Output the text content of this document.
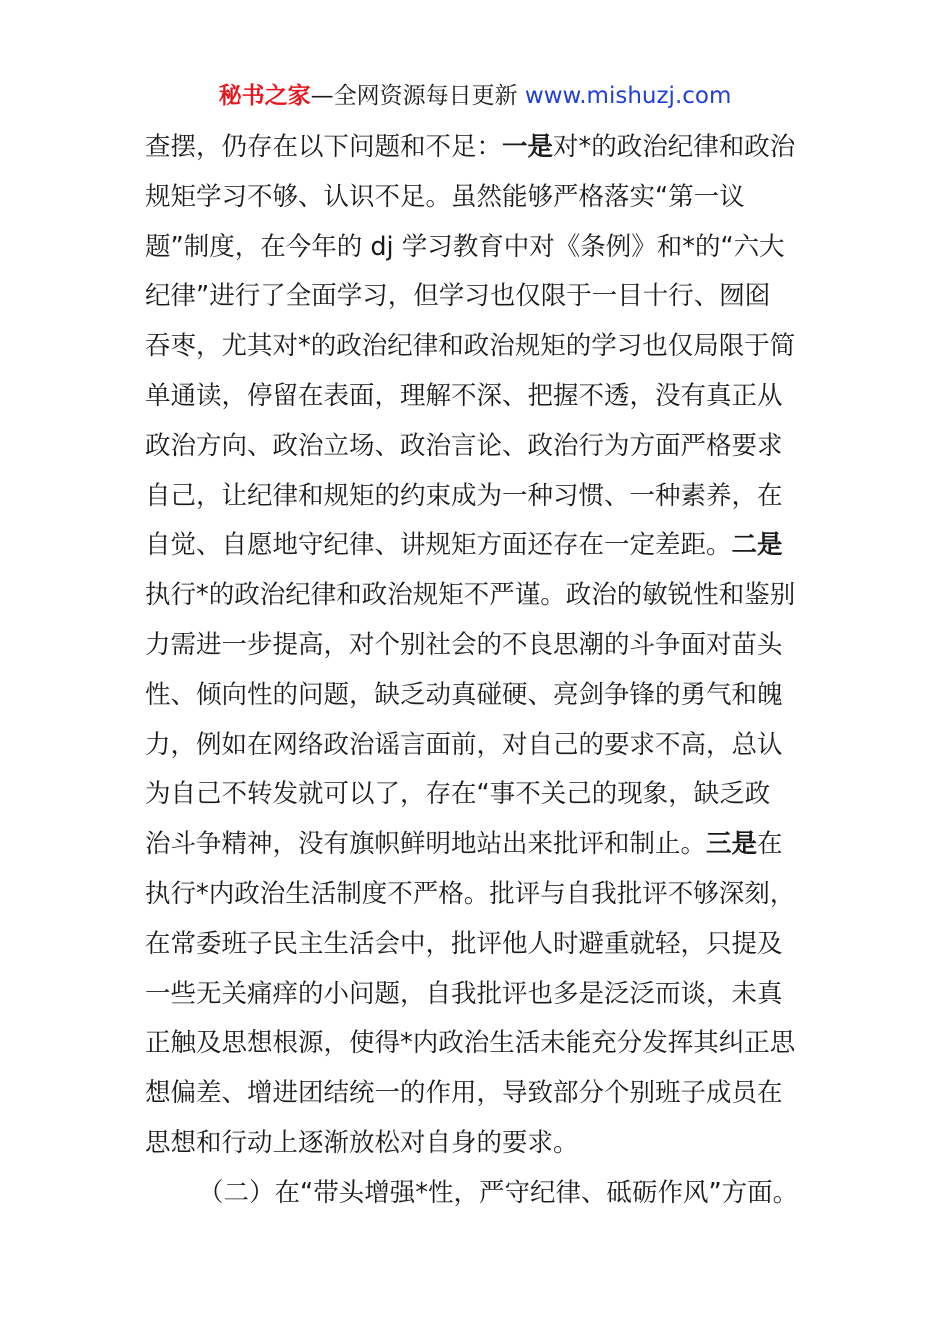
秘书之家—全网资源每日更新 www.mishuzj.com
查摆，仍存在以下问题和不足：一是对*的政治纪律和政治
规矩学习不够、认识不足。虽然能够严格落实“第一议
题”制度，在今年的 dj 学习教育中对《条例》和*的“六大
纪律”进行了全面学习，但学习也仅限于一目十行、囫囵
吞枣，尤其对*的政治纪律和政治规矩的学习也仅局限于简
单通读，停留在表面，理解不深、把握不透，没有真正从
政治方向、政治立场、政治言论、政治行为方面严格要求
自己，让纪律和规矩的约束成为一种习惯、一种素养，在
自觉、自愿地守纪律、讲规矩方面还存在一定差距。二是
执行*的政治纪律和政治规矩不严谨。政治的敏锐性和鉴别
力需进一步提高，对个别社会的不良思潮的斗争面对苗头
性、倾向性的问题，缺乏动真碰硬、亮剑争锋的勇气和魄
力，例如在网络政治谣言面前，对自己的要求不高，总认
为自己不转发就可以了，存在“事不关己的现象，缺乏政
治斗争精神，没有旗帜鲜明地站出来批评和制止。三是在
执行*内政治生活制度不严格。批评与自我批评不够深刻，
在常委班子民主生活会中，批评他人时避重就轻，只提及
一些无关痛痒的小问题，自我批评也多是泛泛而谈，未真
正触及思想根源，使得*内政治生活未能充分发挥其纠正思
想偏差、增进团结统一的作用，导致部分个别班子成员在
思想和行动上逐渐放松对自身的要求。
（二）在“带头增强*性，严守纪律、砥砺作风”方面。
